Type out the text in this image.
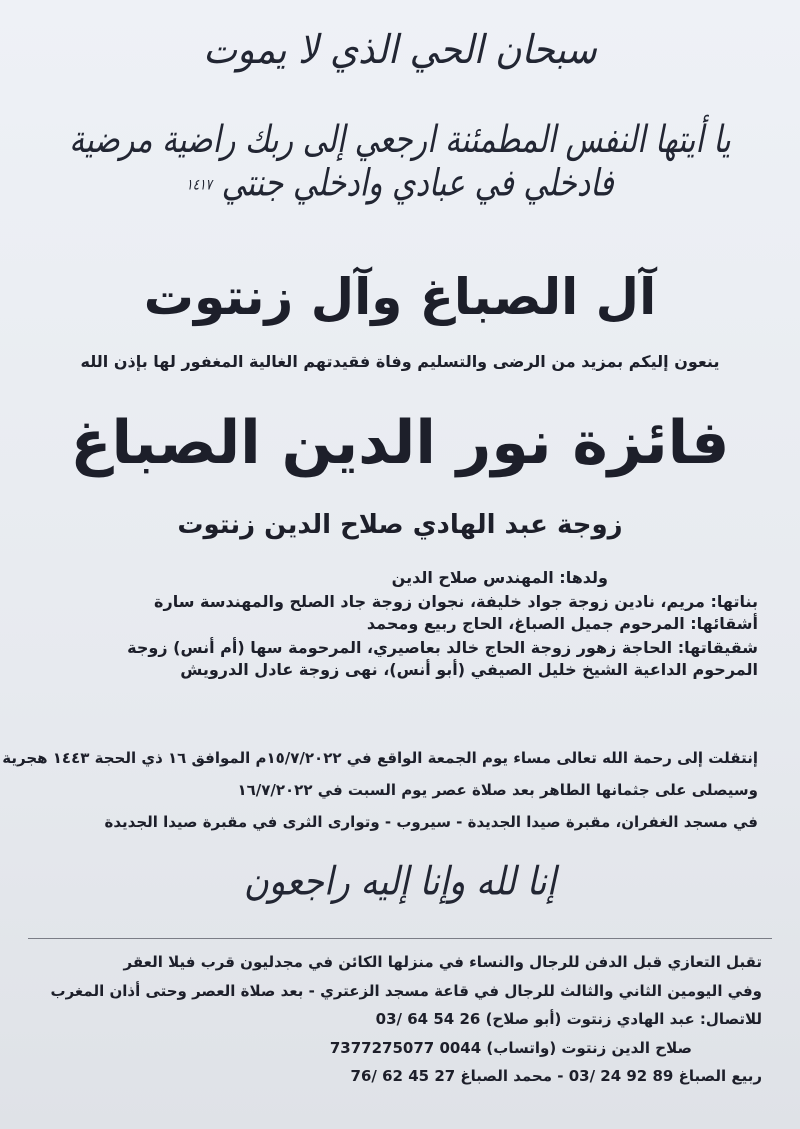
سبحان الحي الذي لا يموت
يا أيتها النفس المطمئنة ارجعي إلى ربك راضية مرضية فادخلي في عبادي وادخلي جنتي ١٤١٧
آل الصباغ وآل زنتوت
ينعون إليكم بمزيد من الرضى والتسليم وفاة فقيدتهم الغالية المغفور لها بإذن الله
فائزة نور الدين الصباغ
زوجة عبد الهادي صلاح الدين زنتوت
ولدها: المهندس صلاح الدين
بناتها: مريم، نادين زوجة جواد خليفة، نجوان زوجة جاد الصلح والمهندسة سارة
أشقائها: المرحوم جميل الصباغ، الحاج ربيع ومحمد
شقيقاتها: الحاجة زهور زوجة الحاج خالد بعاصيري، المرحومة سها (أم أنس) زوجة
المرحوم الداعية الشيخ خليل الصيفي (أبو أنس)، نهى زوجة عادل الدرويش
إنتقلت إلى رحمة الله تعالى مساء يوم الجمعة الواقع في ١٥/٧/٢٠٢٢م الموافق ١٦ ذي الحجة ١٤٤٣ هجرية
وسيصلى على جثمانها الطاهر بعد صلاة عصر يوم السبت في ١٦/٧/٢٠٢٢
في مسجد الغفران، مقبرة صيدا الجديدة - سيروب - وتوارى الثرى في مقبرة صيدا الجديدة
إنا لله وإنا إليه راجعون
تقبل التعازي قبل الدفن للرجال والنساء في منزلها الكائن في مجدليون قرب فيلا العقر
وفي اليومين الثاني والثالث للرجال في قاعة مسجد الزعتري - بعد صلاة العصر وحتى أذان المغرب
للاتصال: عبد الهادي زنتوت (أبو صلاح) 26 54 64 /03
صلاح الدين زنتوت (واتساب) 0044 7377275077
ربيع الصباغ 89 92 24 /03 - محمد الصباغ 27 45 62 /76
